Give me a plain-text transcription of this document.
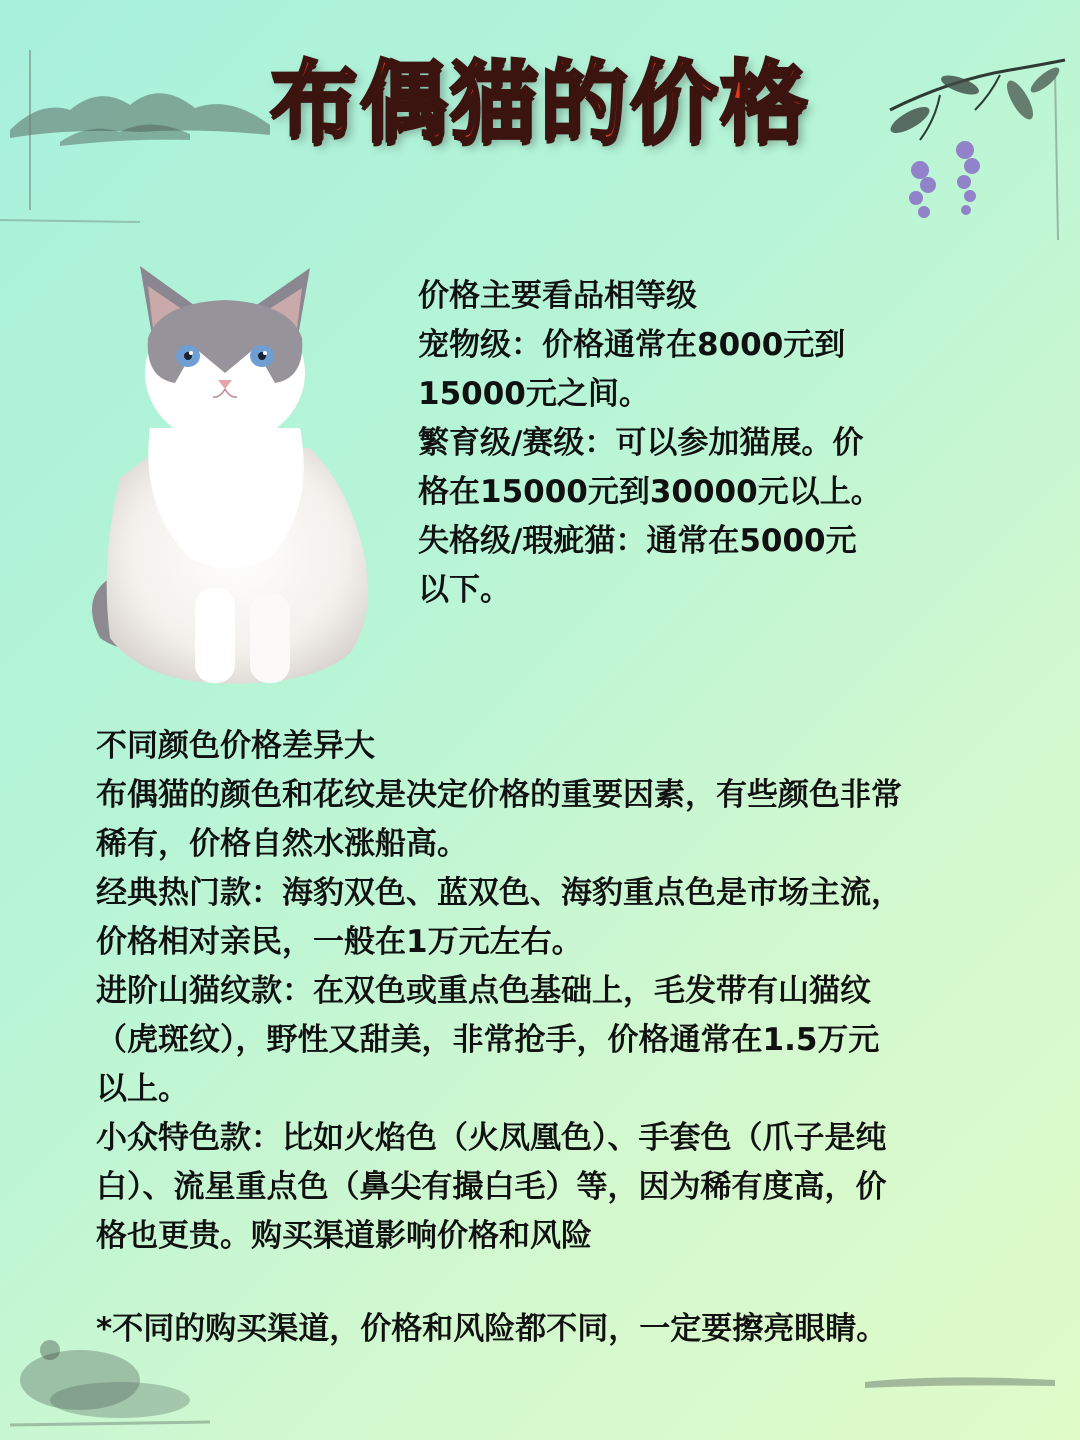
布偶猫的价格

价格主要看品相等级

宠物级：价格通常在8000元到

15000元之间。

繁育级/赛级：可以参加猫展。价

格在15000元到30000元以上。

失格级/瑕疵猫：通常在5000元

以下。

不同颜色价格差异大

布偶猫的颜色和花纹是决定价格的重要因素，有些颜色非常

稀有，价格自然水涨船高。

经典热门款：海豹双色、蓝双色、海豹重点色是市场主流，

价格相对亲民，一般在1万元左右。

进阶山猫纹款：在双色或重点色基础上，毛发带有山猫纹

（虎斑纹），野性又甜美，非常抢手，价格通常在1.5万元

以上。

小众特色款：比如火焰色（火凤凰色）、手套色（爪子是纯

白）、流星重点色（鼻尖有撮白毛）等，因为稀有度高，价

格也更贵。购买渠道影响价格和风险

*不同的购买渠道，价格和风险都不同，一定要擦亮眼睛。
